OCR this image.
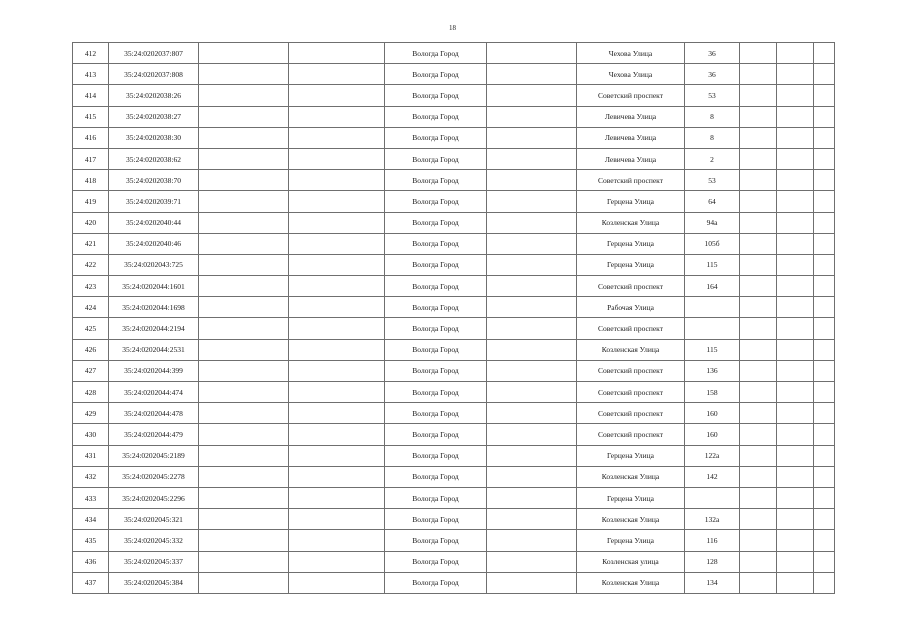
18
412	35:24:0202037:807			Вологда Город		Чехова Улица	36			
413	35:24:0202037:808			Вологда Город		Чехова Улица	36			
414	35:24:0202038:26			Вологда Город		Советский проспект	53			
415	35:24:0202038:27			Вологда Город		Левичева Улица	8			
416	35:24:0202038:30			Вологда Город		Левичева Улица	8			
417	35:24:0202038:62			Вологда Город		Левичева Улица	2			
418	35:24:0202038:70			Вологда Город		Советский проспект	53			
419	35:24:0202039:71			Вологда Город		Герцена Улица	64			
420	35:24:0202040:44			Вологда Город		Козленская Улица	94а			
421	35:24:0202040:46			Вологда Город		Герцена Улица	105б			
422	35:24:0202043:725			Вологда Город		Герцена Улица	115			
423	35:24:0202044:1601			Вологда Город		Советский проспект	164			
424	35:24:0202044:1698			Вологда Город		Рабочая Улица				
425	35:24:0202044:2194			Вологда Город		Советский проспект				
426	35:24:0202044:2531			Вологда Город		Козленская Улица	115			
427	35:24:0202044:399			Вологда Город		Советский проспект	136			
428	35:24:0202044:474			Вологда Город		Советский проспект	158			
429	35:24:0202044:478			Вологда Город		Советский проспект	160			
430	35:24:0202044:479			Вологда Город		Советский проспект	160			
431	35:24:0202045:2189			Вологда Город		Герцена Улица	122а			
432	35:24:0202045:2278			Вологда Город		Козленская Улица	142			
433	35:24:0202045:2296			Вологда Город		Герцена Улица				
434	35:24:0202045:321			Вологда Город		Козленская Улица	132а			
435	35:24:0202045:332			Вологда Город		Герцена Улица	116			
436	35:24:0202045:337			Вологда Город		Козленская улица	128			
437	35:24:0202045:384			Вологда Город		Козленская Улица	134			
